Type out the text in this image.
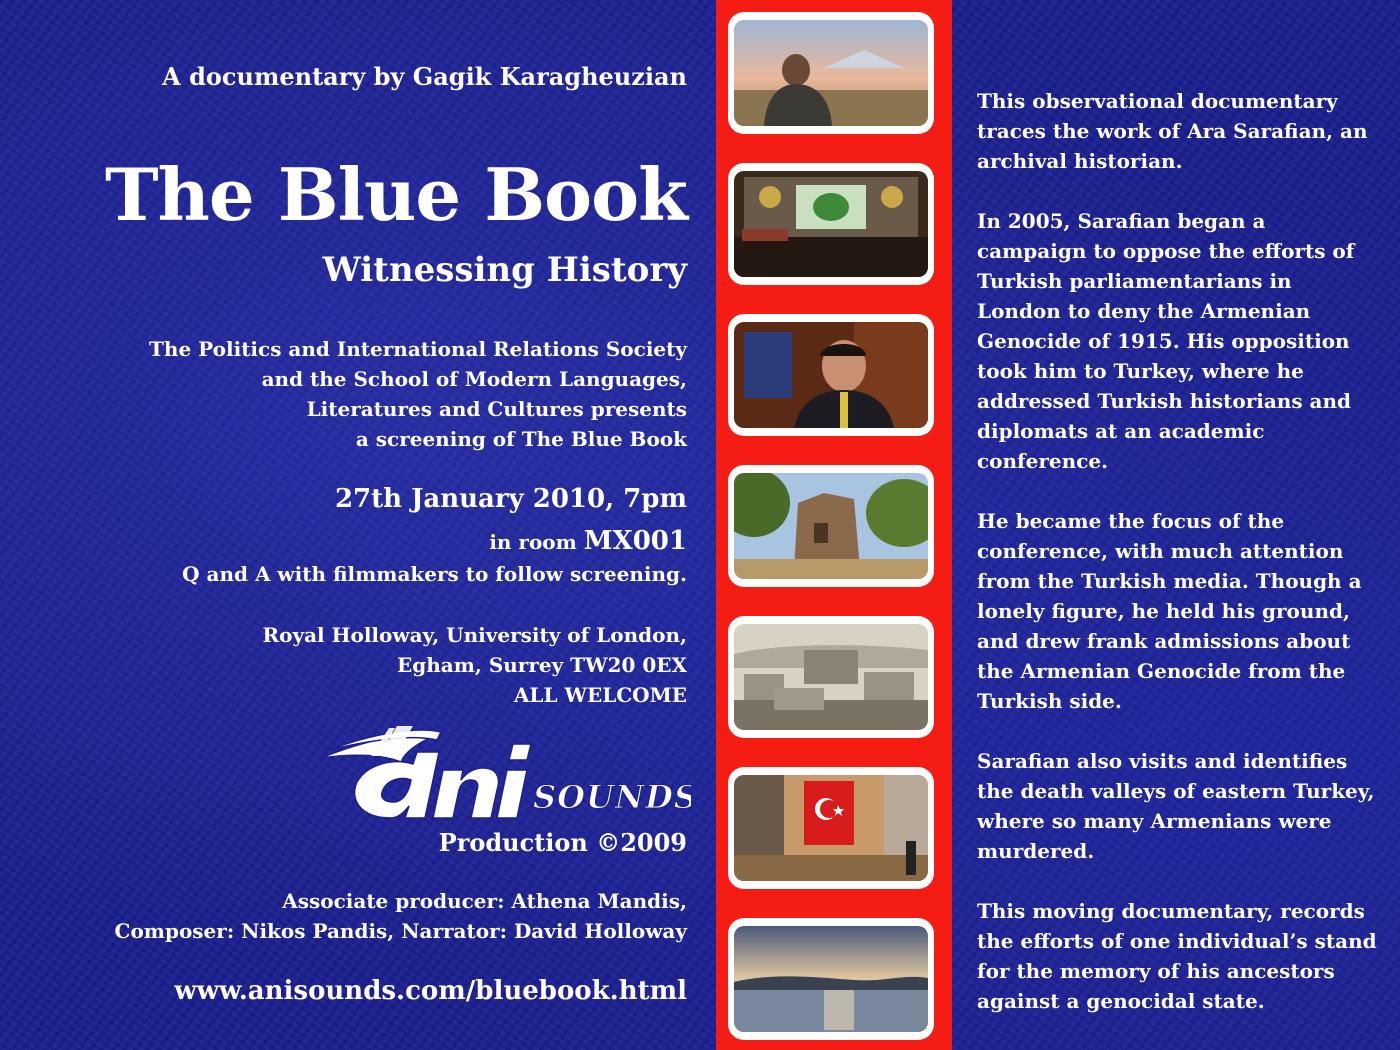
A documentary by Gagik Karagheuzian

The Blue Book

Witnessing History

The Politics and International Relations Society
and the School of Modern Languages,
Literatures and Cultures presents
a screening of The Blue Book

27th January 2010, 7pm

in room MX001

Q and A with filmmakers to follow screening.

Royal Holloway, University of London,
Egham, Surrey TW20 0EX
ALL WELCOME
SOUNDS

Production ©2009

Associate producer: Athena Mandis,
Composer: Nikos Pandis, Narrator: David Holloway

www.anisounds.com/bluebook.html

This observational documentary traces the work of Ara Sarafian, an archival historian.

In 2005, Sarafian began a campaign to oppose the efforts of Turkish parliamentarians in London to deny the Armenian Genocide of 1915. His opposition took him to Turkey, where he addressed Turkish historians and diplomats at an academic conference.

He became the focus of the conference, with much attention from the Turkish media. Though a lonely figure, he held his ground, and drew frank admissions about the Armenian Genocide from the Turkish side.

Sarafian also visits and identifies the death valleys of eastern Turkey, where so many Armenians were murdered.

This moving documentary, records the efforts of one individual’s stand for the memory of his ancestors against a genocidal state.
